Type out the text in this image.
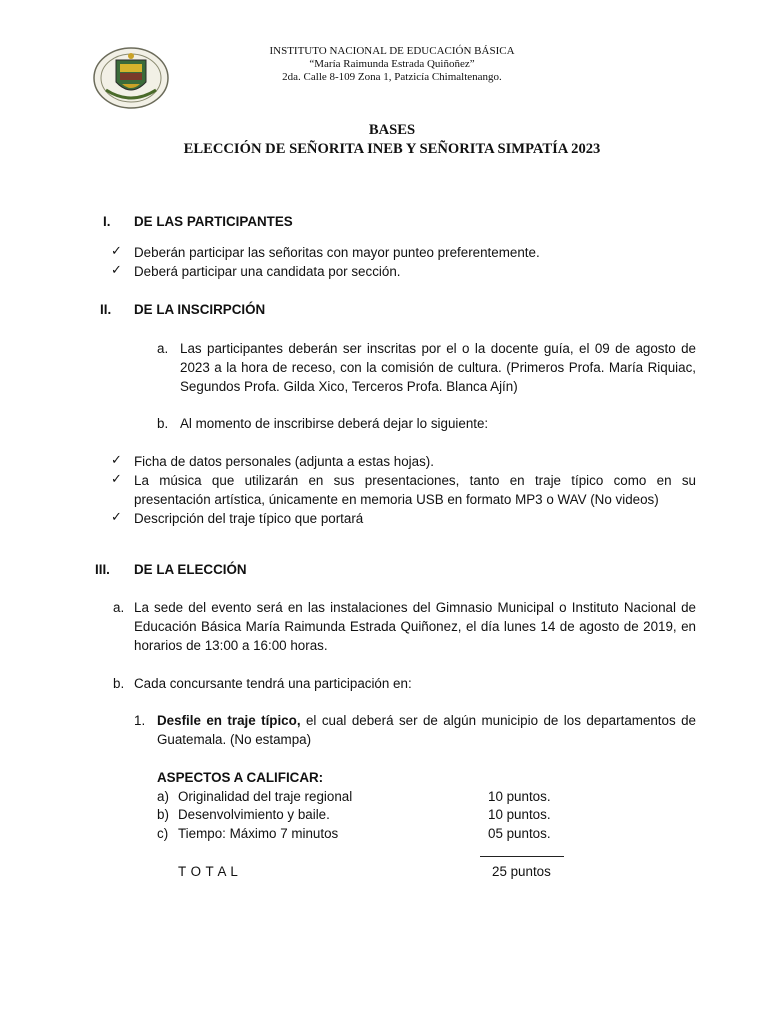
INSTITUTO NACIONAL DE EDUCACIÓN BÁSICA
“María Raimunda Estrada Quiñoñez”
2da. Calle 8-109 Zona 1, Patzicía Chimaltenango.
BASES
ELECCIÓN DE SEÑORITA INEB Y SEÑORITA SIMPATÍA 2023
I. DE LAS PARTICIPANTES
✓ Deberán participar las señoritas con mayor punteo preferentemente.
✓ Deberá participar una candidata por sección.
II. DE LA INSCIRPCIÓN
a. Las participantes deberán ser inscritas por el o la docente guía, el 09 de agosto de
2023 a la hora de receso, con la comisión de cultura. (Primeros Profa. María Riquiac,
Segundos Profa. Gilda Xico, Terceros Profa. Blanca Ajín)
b. Al momento de inscribirse deberá dejar lo siguiente:
✓ Ficha de datos personales (adjunta a estas hojas).
✓ La música que utilizarán en sus presentaciones, tanto en traje típico como en su
presentación artística, únicamente en memoria USB en formato MP3 o WAV (No videos)
✓ Descripción del traje típico que portará
III. DE LA ELECCIÓN
a. La sede del evento será en las instalaciones del Gimnasio Municipal o Instituto Nacional de
Educación Básica María Raimunda Estrada Quiñonez, el día lunes 14 de agosto de 2019, en
horarios de 13:00 a 16:00 horas.
b. Cada concursante tendrá una participación en:
1. Desfile en traje típico, el cual deberá ser de algún municipio de los departamentos de
Guatemala. (No estampa)
ASPECTOS A CALIFICAR:
a) Originalidad del traje regional	10 puntos.
b) Desenvolvimiento y baile.	10 puntos.
c) Tiempo: Máximo 7 minutos	05 puntos.
T O T A L	25 puntos
